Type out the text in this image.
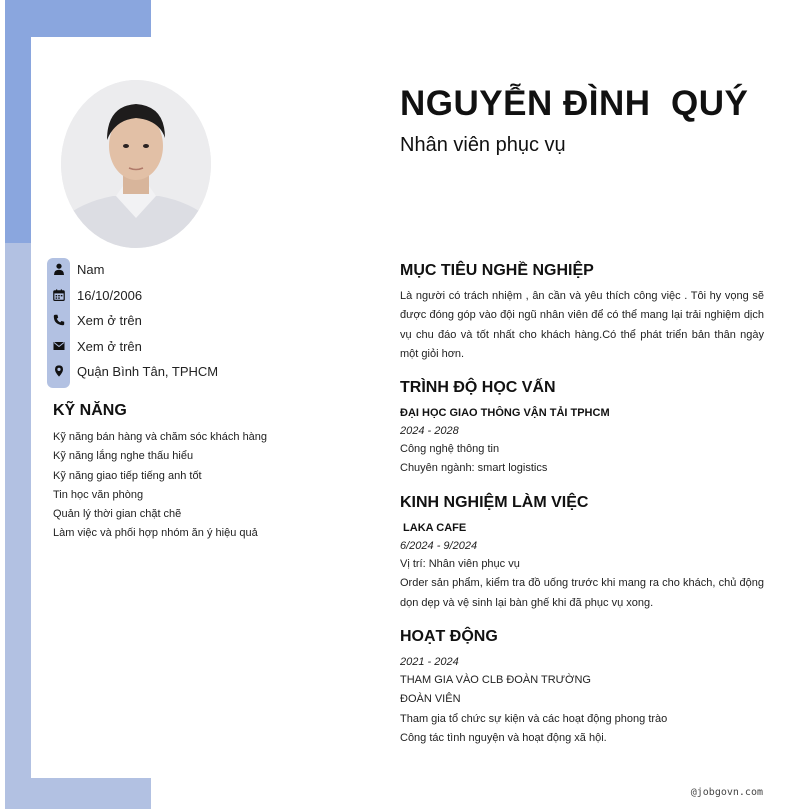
NGUYỄN ĐÌNH  QUÝ
Nhân viên phục vụ
Nam
16/10/2006
Xem ở trên
Xem ở trên
Quận Bình Tân, TPHCM
KỸ NĂNG
Kỹ năng bán hàng và chăm sóc khách hàng
Kỹ năng lắng nghe thấu hiểu
Kỹ năng giao tiếp tiếng anh tốt
Tin học văn phòng
Quản lý thời gian chặt chẽ
Làm việc và phối hợp nhóm ăn ý hiệu quả
MỤC TIÊU NGHỀ NGHIỆP

Là người có trách nhiệm , ân cần và yêu thích công việc . Tôi hy vọng sẽ được đóng góp vào đội ngũ nhân viên để có thể mang lại trải nghiệm dịch vụ chu đáo và tốt nhất cho khách hàng.Có thể phát triển bản thân ngày một giỏi hơn.

TRÌNH ĐỘ HỌC VẤN
ĐẠI HỌC GIAO THÔNG VẬN TẢI TPHCM
2024 - 2028
Công nghệ thông tin
Chuyên ngành: smart logistics
KINH NGHIỆM LÀM VIỆC
LAKA CAFE
6/2024 - 9/2024
Vị trí: Nhân viên phục vụ

Order sản phẩm, kiểm tra đồ uống trước khi mang ra cho khách, chủ động dọn dẹp và vệ sinh lại bàn ghế khi đã phục vụ xong.

HOẠT ĐỘNG
2021 - 2024
THAM GIA VÀO CLB ĐOÀN TRƯỜNG
ĐOÀN VIÊN
Tham gia tổ chức sự kiện và các hoạt động phong trào
Công tác tình nguyện và hoạt động xã hội.
@jobgovn.com
